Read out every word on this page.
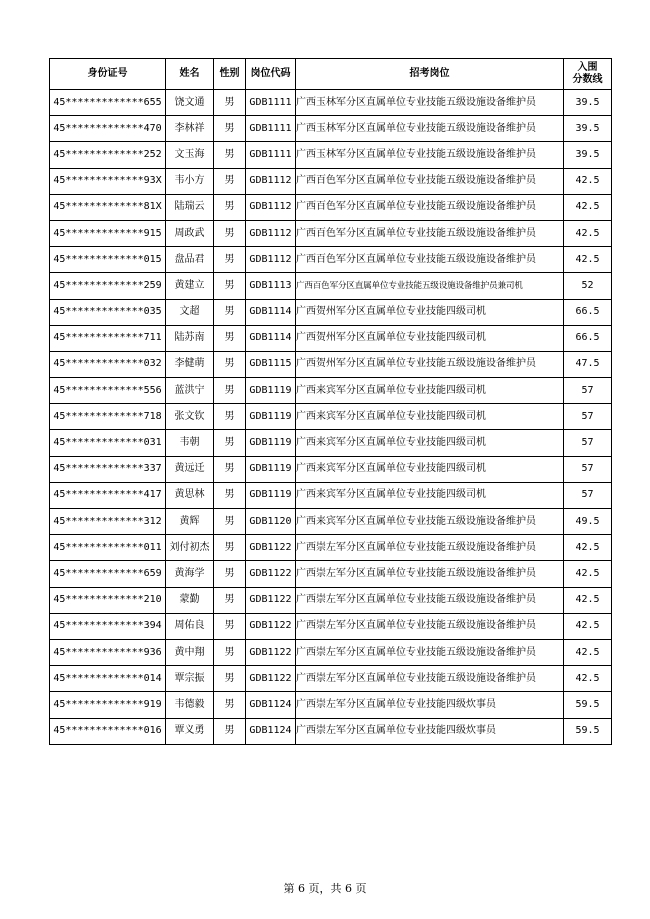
身份证号	姓名	性别	岗位代码	招考岗位	入围
分数线

45*************655	饶文通	男	GDB1111	广西玉林军分区直属单位专业技能五级设施设备维护员	39.5
45*************470	李林祥	男	GDB1111	广西玉林军分区直属单位专业技能五级设施设备维护员	39.5
45*************252	文玉海	男	GDB1111	广西玉林军分区直属单位专业技能五级设施设备维护员	39.5
45*************93X	韦小方	男	GDB1112	广西百色军分区直属单位专业技能五级设施设备维护员	42.5
45*************81X	陆瑞云	男	GDB1112	广西百色军分区直属单位专业技能五级设施设备维护员	42.5
45*************915	周政武	男	GDB1112	广西百色军分区直属单位专业技能五级设施设备维护员	42.5
45*************015	盘品君	男	GDB1112	广西百色军分区直属单位专业技能五级设施设备维护员	42.5
45*************259	黄建立	男	GDB1113	广西百色军分区直属单位专业技能五级设施设备维护员兼司机	52
45*************035	文超	男	GDB1114	广西贺州军分区直属单位专业技能四级司机	66.5
45*************711	陆苏南	男	GDB1114	广西贺州军分区直属单位专业技能四级司机	66.5
45*************032	李健萌	男	GDB1115	广西贺州军分区直属单位专业技能五级设施设备维护员	47.5
45*************556	蓝洪宁	男	GDB1119	广西来宾军分区直属单位专业技能四级司机	57
45*************718	张文钦	男	GDB1119	广西来宾军分区直属单位专业技能四级司机	57
45*************031	韦朝	男	GDB1119	广西来宾军分区直属单位专业技能四级司机	57
45*************337	黄远迁	男	GDB1119	广西来宾军分区直属单位专业技能四级司机	57
45*************417	黄思林	男	GDB1119	广西来宾军分区直属单位专业技能四级司机	57
45*************312	黄辉	男	GDB1120	广西来宾军分区直属单位专业技能五级设施设备维护员	49.5
45*************011	刘付初杰	男	GDB1122	广西崇左军分区直属单位专业技能五级设施设备维护员	42.5
45*************659	黄海学	男	GDB1122	广西崇左军分区直属单位专业技能五级设施设备维护员	42.5
45*************210	蒙勤	男	GDB1122	广西崇左军分区直属单位专业技能五级设施设备维护员	42.5
45*************394	周佑良	男	GDB1122	广西崇左军分区直属单位专业技能五级设施设备维护员	42.5
45*************936	黄中翔	男	GDB1122	广西崇左军分区直属单位专业技能五级设施设备维护员	42.5
45*************014	覃宗振	男	GDB1122	广西崇左军分区直属单位专业技能五级设施设备维护员	42.5
45*************919	韦德毅	男	GDB1124	广西崇左军分区直属单位专业技能四级炊事员	59.5
45*************016	覃义勇	男	GDB1124	广西崇左军分区直属单位专业技能四级炊事员	59.5
第 6 页，共 6 页
